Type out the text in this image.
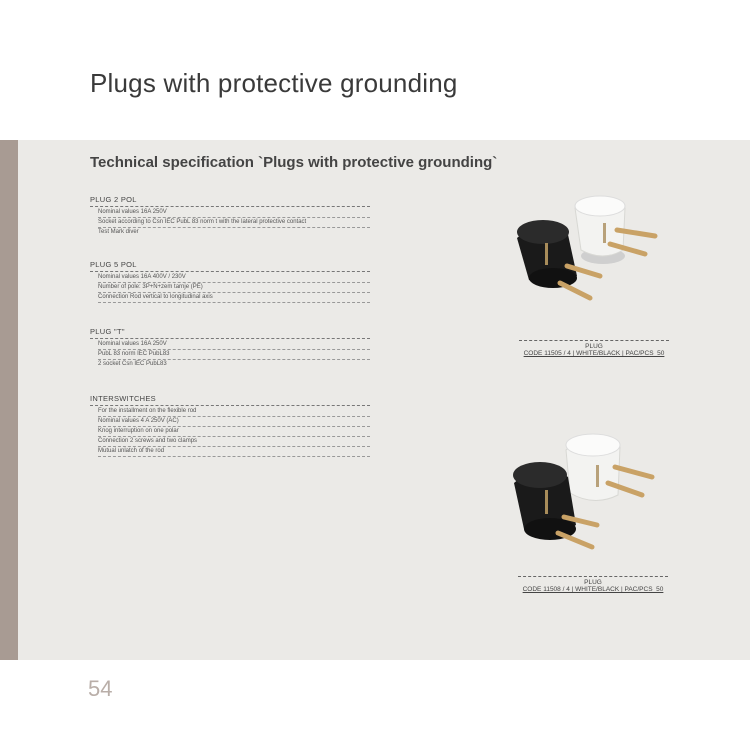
Plugs with protective grounding
Technical specification `Plugs with protective grounding`
PLUG 2 POL
Nominal values 16A 250V
Socket according to Csn IEC PubL 83 norm t with the lateral protective contact
Test Mark diver
PLUG 5 POL
Nominal values 16A 400V / 230V
Number of pole: 3P+N+zem tarnje (PE)
Connection Rod vertical to longitudinal axis
PLUG "T"
Nominal values 16A 250V
PubL 83 norm IEC PubL83
2 socket Csn IEC PubL83
INTERSWITCHES
For the installment on the flexible rod
Nominal values 4 A 250V (AC)
Knog interruption on one polar
Connection 2 screws and two clamps
Mutual unlatch of the rod
PLUG
CODE 11505 / 4 | WHITE/BLACK | PAC/PCS_50
PLUG
CODE 11508 / 4 | WHITE/BLACK | PAC/PCS_50
54
